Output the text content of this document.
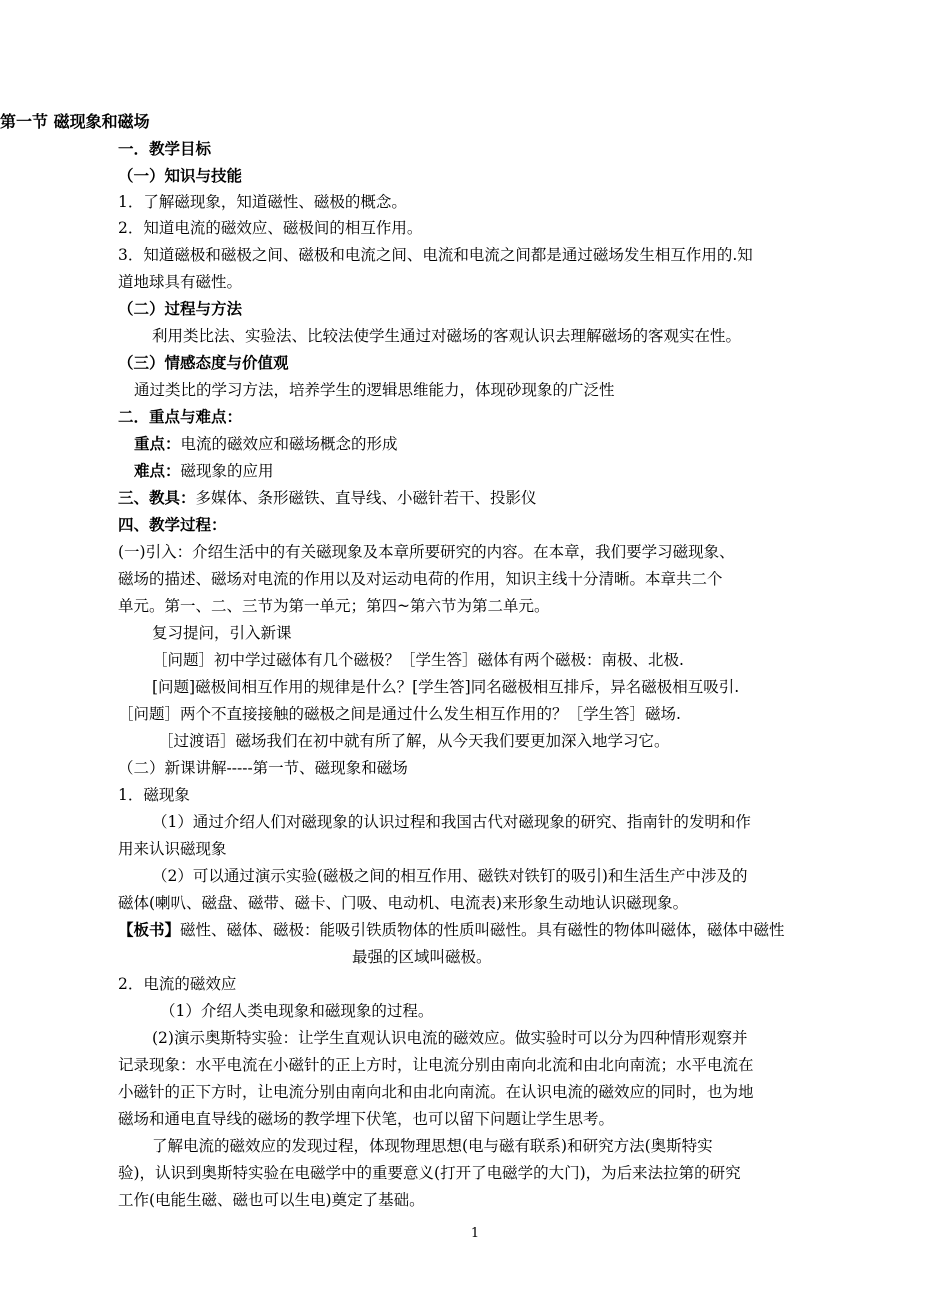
第一节 磁现象和磁场
一．教学目标
（一）知识与技能
1．了解磁现象，知道磁性、磁极的概念。
2．知道电流的磁效应、磁极间的相互作用。
3．知道磁极和磁极之间、磁极和电流之间、电流和电流之间都是通过磁场发生相互作用的.知
道地球具有磁性。
（二）过程与方法
利用类比法、实验法、比较法使学生通过对磁场的客观认识去理解磁场的客观实在性。
（三）情感态度与价值观
通过类比的学习方法，培养学生的逻辑思维能力，体现砂现象的广泛性
二．重点与难点：
重点：电流的磁效应和磁场概念的形成
难点：磁现象的应用
三、教具：多媒体、条形磁铁、直导线、小磁针若干、投影仪
四、教学过程：
(一)引入：介绍生活中的有关磁现象及本章所要研究的内容。在本章，我们要学习磁现象、
磁场的描述、磁场对电流的作用以及对运动电荷的作用，知识主线十分清晰。本章共二个
单元。第一、二、三节为第一单元；第四~第六节为第二单元。
复习提问，引入新课
［问题］初中学过磁体有几个磁极？［学生答］磁体有两个磁极：南极、北极.
[问题]磁极间相互作用的规律是什么？[学生答]同名磁极相互排斥，异名磁极相互吸引.
［问题］两个不直接接触的磁极之间是通过什么发生相互作用的？［学生答］磁场.
［过渡语］磁场我们在初中就有所了解，从今天我们要更加深入地学习它。
（二）新课讲解-----第一节、磁现象和磁场
1．磁现象
（1）通过介绍人们对磁现象的认识过程和我国古代对磁现象的研究、指南针的发明和作
用来认识磁现象
（2）可以通过演示实验(磁极之间的相互作用、磁铁对铁钉的吸引)和生活生产中涉及的
磁体(喇叭、磁盘、磁带、磁卡、门吸、电动机、电流表)来形象生动地认识磁现象。
【板书】磁性、磁体、磁极：能吸引铁质物体的性质叫磁性。具有磁性的物体叫磁体，磁体中磁性
最强的区域叫磁极。
2．电流的磁效应
（1）介绍人类电现象和磁现象的过程。
(2)演示奥斯特实验：让学生直观认识电流的磁效应。做实验时可以分为四种情形观察并
记录现象：水平电流在小磁针的正上方时，让电流分别由南向北流和由北向南流；水平电流在
小磁针的正下方时，让电流分别由南向北和由北向南流。在认识电流的磁效应的同时，也为地
磁场和通电直导线的磁场的教学埋下伏笔，也可以留下问题让学生思考。
了解电流的磁效应的发现过程，体现物理思想(电与磁有联系)和研究方法(奥斯特实
验)，认识到奥斯特实验在电磁学中的重要意义(打开了电磁学的大门)，为后来法拉第的研究
工作(电能生磁、磁也可以生电)奠定了基础。
1
